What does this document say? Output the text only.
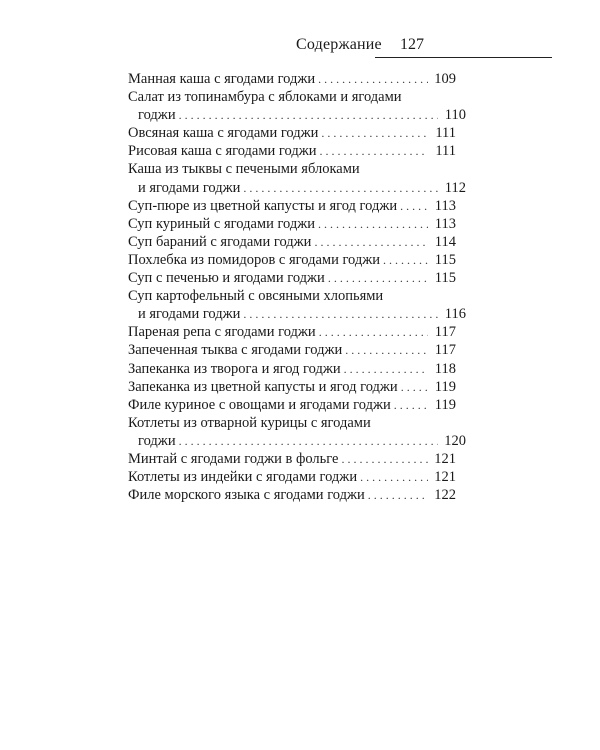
Содержание 127
Манная каша с ягодами годжи . . .	109
Салат из топинамбура с яблоками и ягодами
годжи . . .	110
Овсяная каша с ягодами годжи . . .	111
Рисовая каша с ягодами годжи . . .	111
Каша из тыквы с печеными яблоками
и ягодами годжи . . .	112
Суп-пюре из цветной капусты и ягод годжи . . .	113
Суп куриный с ягодами годжи . . .	113
Суп бараний с ягодами годжи . . .	114
Похлебка из помидоров с ягодами годжи . . .	115
Суп с печенью и ягодами годжи . . .	115
Суп картофельный с овсяными хлопьями
и ягодами годжи . . .	116
Пареная репа с ягодами годжи . . .	117
Запеченная тыква с ягодами годжи . . .	117
Запеканка из творога и ягод годжи . . .	118
Запеканка из цветной капусты и ягод годжи . . .	119
Филе куриное с овощами и ягодами годжи . . .	119
Котлеты из отварной курицы с ягодами
годжи . . .	120
Минтай с ягодами годжи в фольге . . .	121
Котлеты из индейки с ягодами годжи . . .	121
Филе морского языка с ягодами годжи . . .	122
